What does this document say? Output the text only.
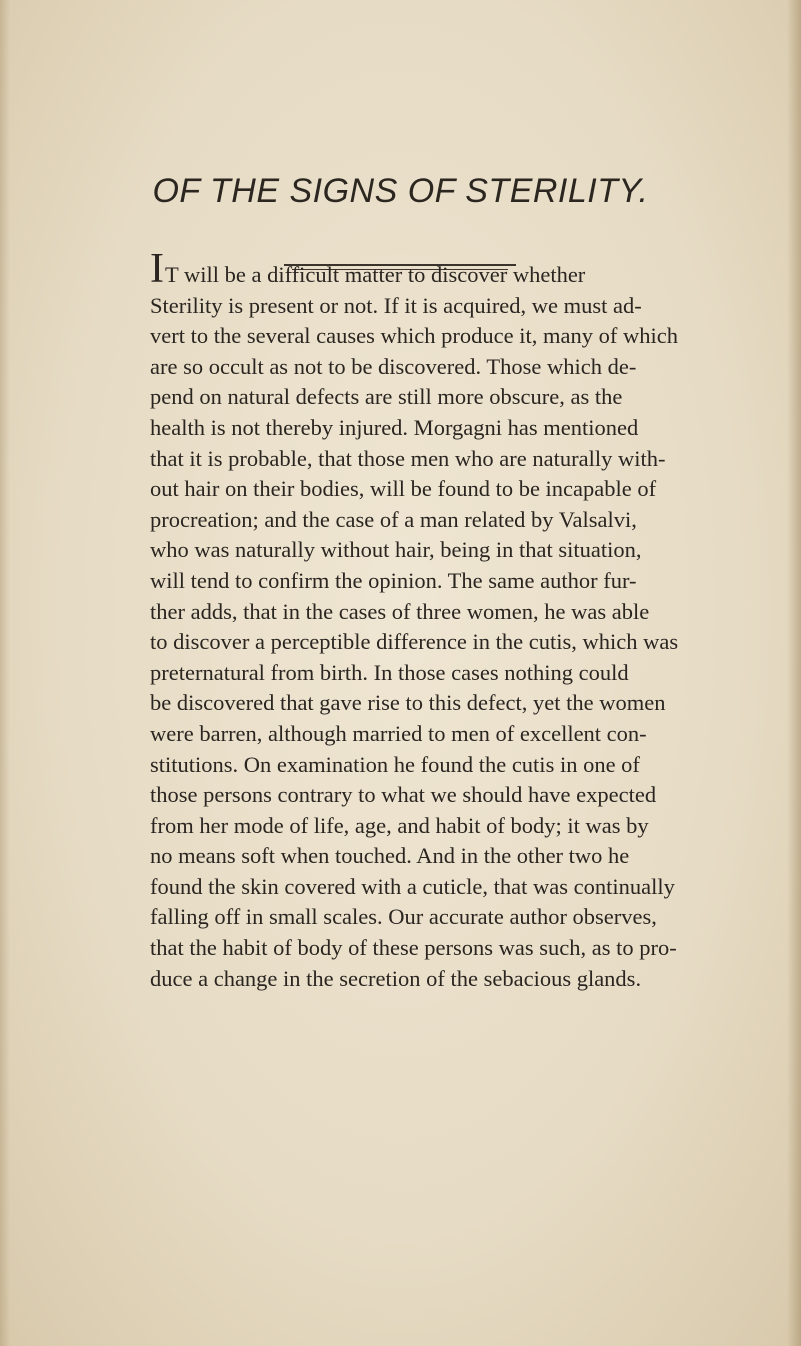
OF THE SIGNS OF STERILITY.
IT will be a difficult matter to discover whether
Sterility is present or not. If it is acquired, we must ad-
vert to the several causes which produce it, many of which
are so occult as not to be discovered. Those which de-
pend on natural defects are still more obscure, as the
health is not thereby injured. Morgagni has mentioned
that it is probable, that those men who are naturally with-
out hair on their bodies, will be found to be incapable of
procreation; and the case of a man related by Valsalvi,
who was naturally without hair, being in that situation,
will tend to confirm the opinion. The same author fur-
ther adds, that in the cases of three women, he was able
to discover a perceptible difference in the cutis, which was
preternatural from birth. In those cases nothing could
be discovered that gave rise to this defect, yet the women
were barren, although married to men of excellent con-
stitutions. On examination he found the cutis in one of
those persons contrary to what we should have expected
from her mode of life, age, and habit of body; it was by
no means soft when touched. And in the other two he
found the skin covered with a cuticle, that was continually
falling off in small scales. Our accurate author observes,
that the habit of body of these persons was such, as to pro-
duce a change in the secretion of the sebacious glands.
